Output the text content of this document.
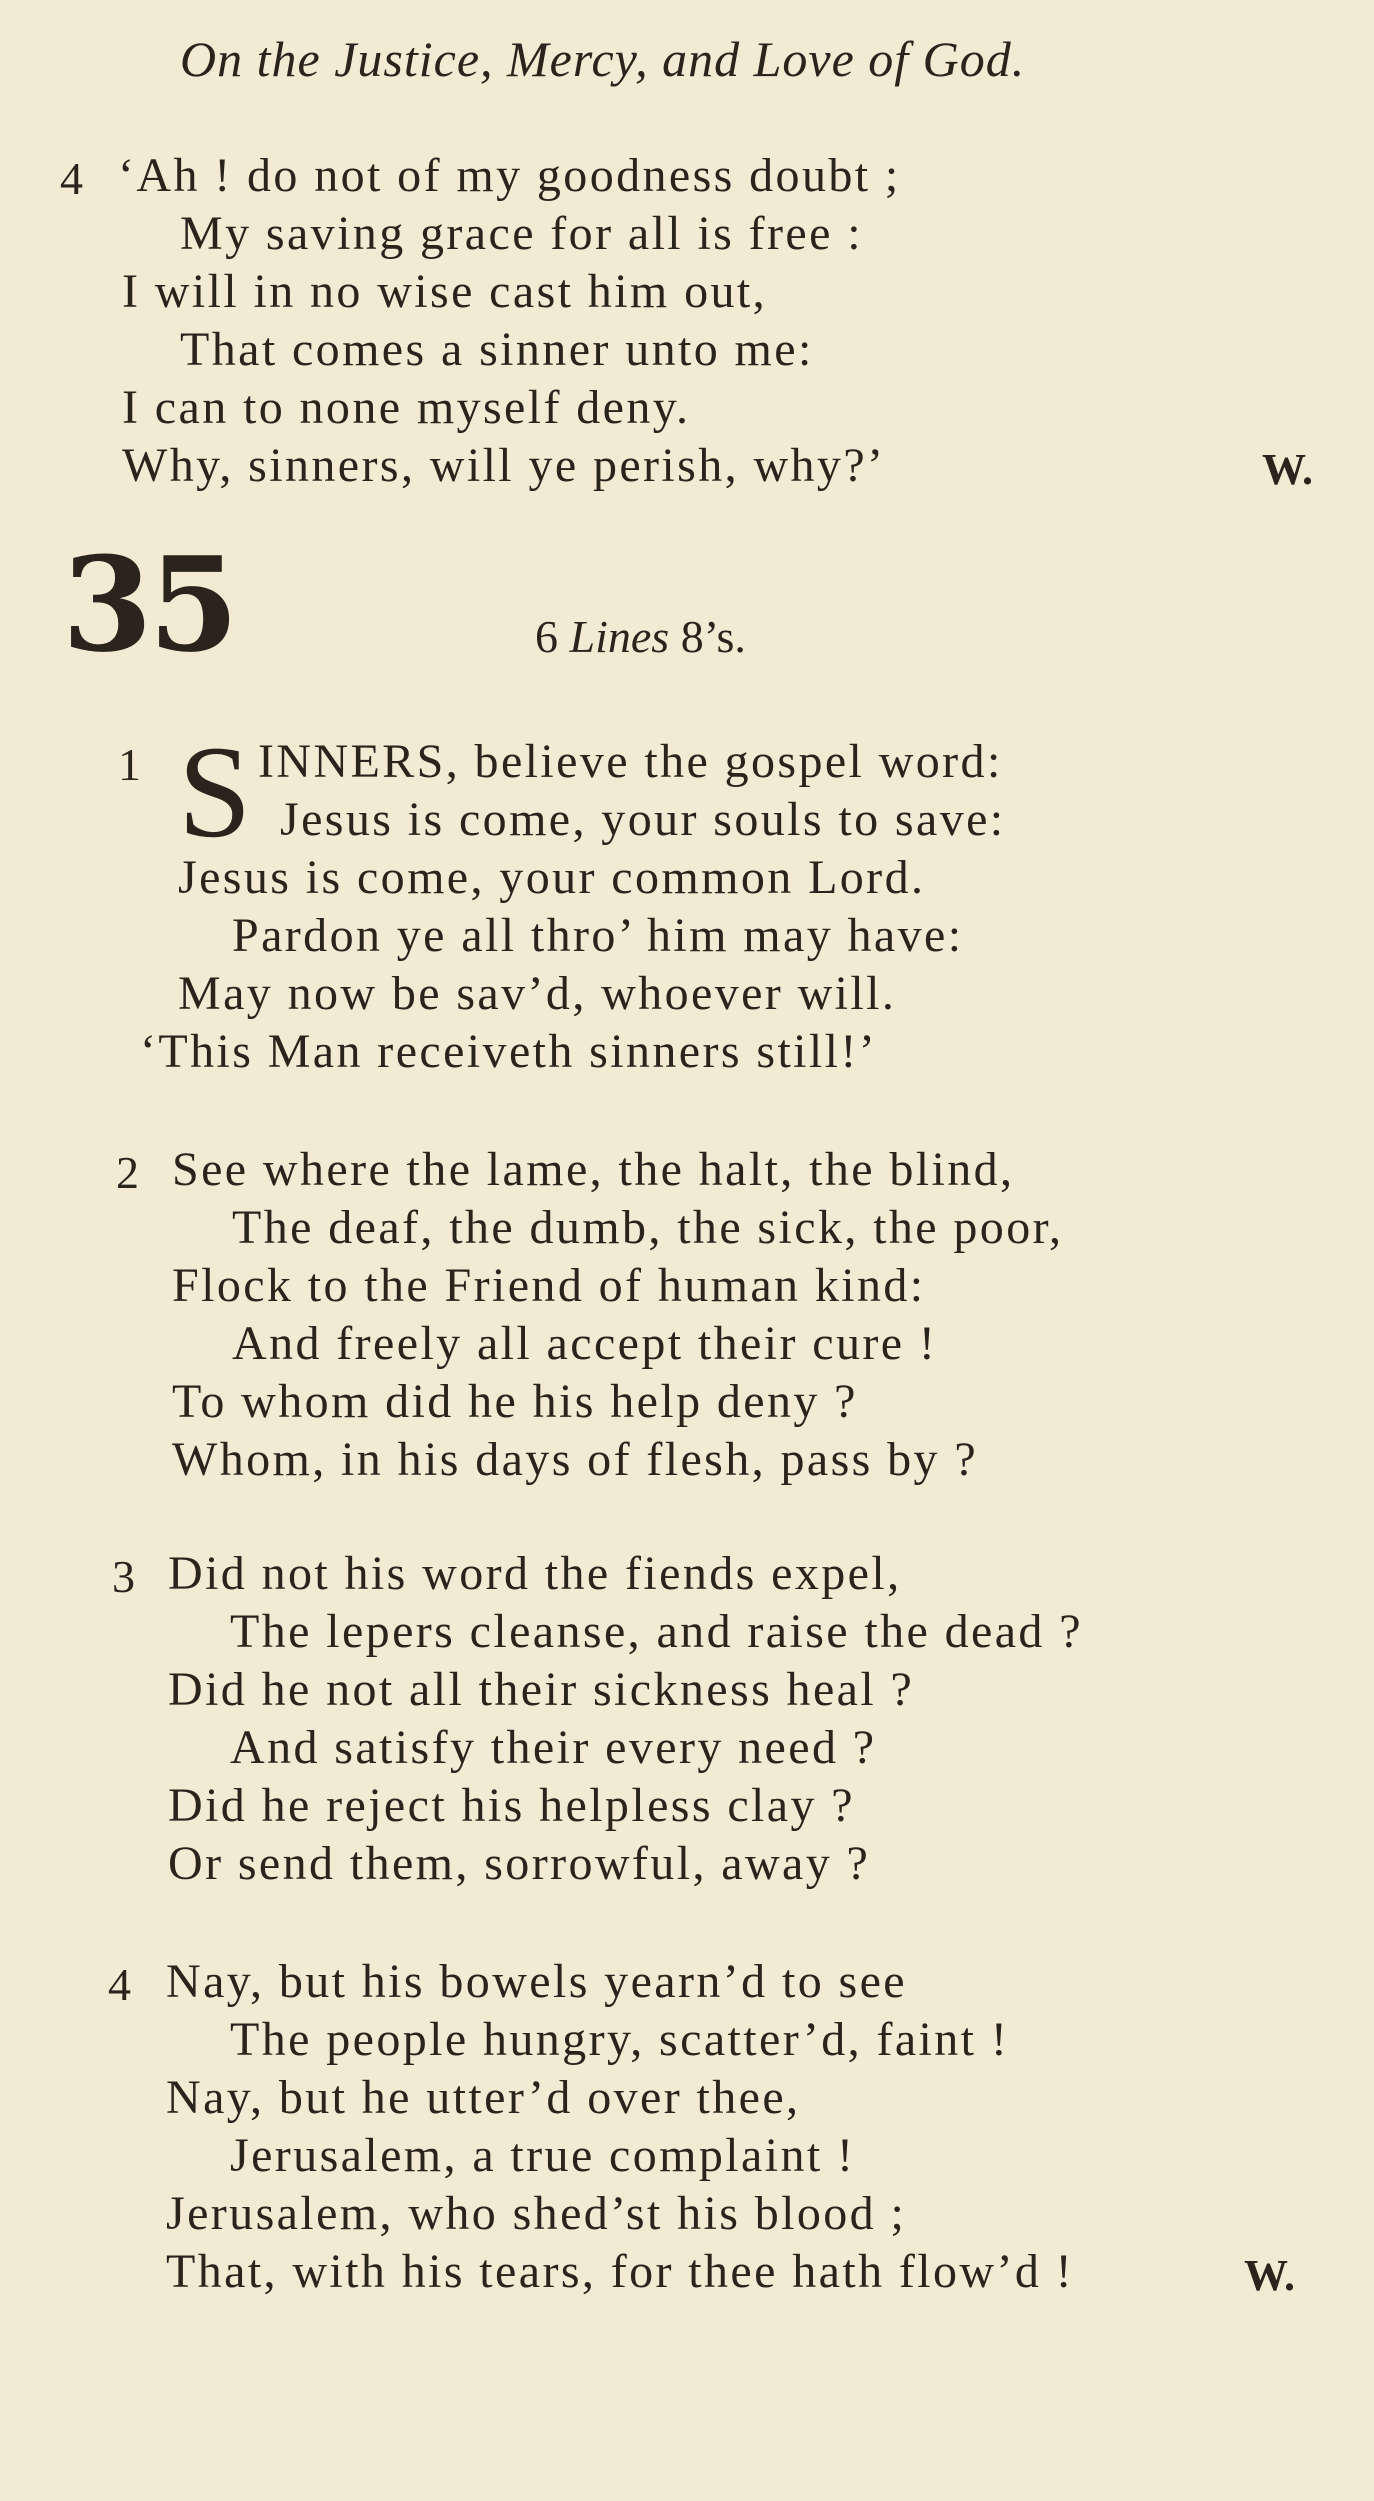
On the Justice, Mercy, and Love of God.
4 ‘Ah ! do not of my goodness doubt ;
My saving grace for all is free :
I will in no wise cast him out,
That comes a sinner unto me:
I can to none myself deny.
Why, sinners, will ye perish, why?’	W.
35	6 Lines 8’s.
1 S INNERS, believe the gospel word:
Jesus is come, your souls to save:
Jesus is come, your common Lord.
Pardon ye all thro’ him may have:
May now be sav’d, whoever will.
‘This Man receiveth sinners still!’
2 See where the lame, the halt, the blind,
The deaf, the dumb, the sick, the poor,
Flock to the Friend of human kind:
And freely all accept their cure !
To whom did he his help deny ?
Whom, in his days of flesh, pass by ?
3 Did not his word the fiends expel,
The lepers cleanse, and raise the dead ?
Did he not all their sickness heal ?
And satisfy their every need ?
Did he reject his helpless clay ?
Or send them, sorrowful, away ?
4 Nay, but his bowels yearn’d to see
The people hungry, scatter’d, faint !
Nay, but he utter’d over thee,
Jerusalem, a true complaint !
Jerusalem, who shed’st his blood ;
That, with his tears, for thee hath flow’d !	W.
